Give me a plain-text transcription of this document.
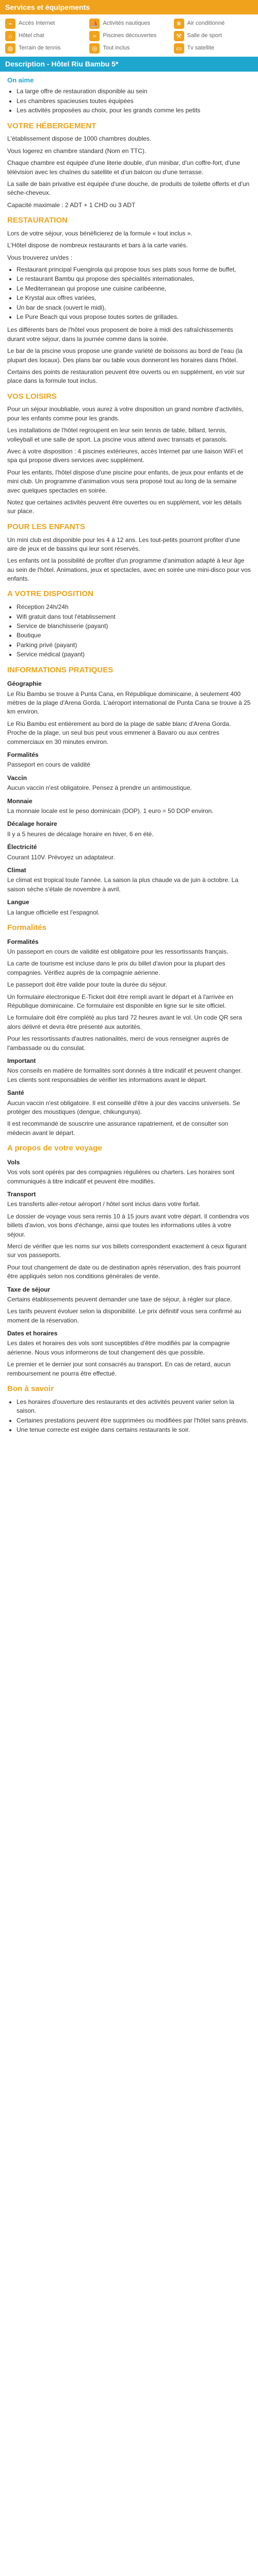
Services et équipements
⌁	Accès Internet	⛵ Activités nautiques	❄ Air conditionné
⌂	Hôtel chat	≈	Piscines découvertes	⚒ Salle de sport
◍ Terrain de tennis	◎ Tout inclus	▭ Tv satellite
Description - Hôtel Riu Bambu 5*
On aime
• La large offre de restauration disponible au sein
• Les chambres spacieuses toutes équipées
• Les activités proposées au choix, pour les grands comme les petits
VOTRE HÉBERGEMENT

L'établissement dispose de 1000 chambres doubles.

Vous logerez en chambre standard (Nom en TTC).

Chaque chambre est équipée d'une literie double, d'un minibar, d'un coffre-fort, d'une télévision avec les chaînes du satellite et d'un balcon ou d'une terrasse.

La salle de bain privative est équipée d'une douche, de produits de toilette offerts et d'un sèche-cheveux.

Capacité maximale : 2 ADT + 1 CHD ou 3 ADT

RESTAURATION

Lors de votre séjour, vous bénéficierez de la formule « tout inclus ».

L'Hôtel dispose de nombreux restaurants et bars à la carte variés.

Vous trouverez un/des :

• Restaurant principal Fuengirola qui propose tous ses plats sous forme de buffet,
• Le restaurant Bambu qui propose des spécialités internationales,
• Le Mediterranean qui propose une cuisine caribéenne,
• Le Krystal aux offres variées,
• Un bar de snack (ouvert le midi),
• Le Pure Beach qui vous propose toutes sortes de grillades.

Les différents bars de l'hôtel vous proposent de boire à midi des rafraîchissements durant votre séjour, dans la journée comme dans la soirée.

Le bar de la piscine vous propose une grande variété de boissons au bord de l'eau (la plupart des locaux). Des plans bar ou table vous donneront les horaires dans l'hôtel.

Certains des points de restauration peuvent être ouverts ou en supplément, en voir sur place dans la formule tout inclus.

VOS LOISIRS

Pour un séjour inoubliable, vous aurez à votre disposition un grand nombre d'activités, pour les enfants comme pour les grands.

Les installations de l'hôtel regroupent en leur sein tennis de table, billard, tennis, volleyball et une salle de sport. La piscine vous attend avec transats et parasols.

Avec à votre disposition : 4 piscines extérieures, accès Internet par une liaison WiFi et spa qui propose divers services avec supplément.

Pour les enfants, l'hôtel dispose d'une piscine pour enfants, de jeux pour enfants et de mini club. Un programme d'animation vous sera proposé tout au long de la semaine avec quelques spectacles en soirée.

Notez que certaines activités peuvent être ouvertes ou en supplément, voir les détails sur place.

POUR LES ENFANTS

Un mini club est disponible pour les 4 à 12 ans. Les tout-petits pourront profiter d'une aire de jeux et de bassins qui leur sont réservés.

Les enfants ont la possibilité de profiter d'un programme d'animation adapté à leur âge au sein de l'hôtel. Animations, jeux et spectacles, avec en soirée une mini-disco pour vos enfants.

A VOTRE DISPOSITION
• Réception 24h/24h
• Wifi gratuit dans tout l'établissement
• Service de blanchisserie (payant)
• Boutique
• Parking privé (payant)
• Service médical (payant)
INFORMATIONS PRATIQUES
Géographie

Le Riu Bambu se trouve à Punta Cana, en République dominicaine, à seulement 400 mètres de la plage d'Arena Gorda. L'aéroport international de Punta Cana se trouve à 25 km environ.

Le Riu Bambu est entièrement au bord de la plage de sable blanc d'Arena Gorda. Proche de la plage, un seul bus peut vous emmener à Bavaro ou aux centres commerciaux en 30 minutes environ.

Formalités

Passeport en cours de validité

Vaccin

Aucun vaccin n'est obligatoire. Pensez à prendre un antimoustique.

Monnaie

La monnaie locale est le peso dominicain (DOP). 1 euro = 50 DOP environ.

Décalage horaire

Il y a 5 heures de décalage horaire en hiver, 6 en été.

Électricité

Courant 110V. Prévoyez un adaptateur.

Climat

Le climat est tropical toute l'année. La saison la plus chaude va de juin à octobre. La saison sèche s'étale de novembre à avril.

Langue

La langue officielle est l'espagnol.

Formalités
Formalités

Un passeport en cours de validité est obligatoire pour les ressortissants français.

La carte de tourisme est incluse dans le prix du billet d'avion pour la plupart des compagnies. Vérifiez auprès de la compagnie aérienne.

Le passeport doit être valide pour toute la durée du séjour.

Un formulaire électronique E-Ticket doit être rempli avant le départ et à l'arrivée en République dominicaine. Ce formulaire est disponible en ligne sur le site officiel.

Le formulaire doit être complété au plus tard 72 heures avant le vol. Un code QR sera alors délivré et devra être présenté aux autorités.

Pour les ressortissants d'autres nationalités, merci de vous renseigner auprès de l'ambassade ou du consulat.

Important

Nos conseils en matière de formalités sont donnés à titre indicatif et peuvent changer. Les clients sont responsables de vérifier les informations avant le départ.

Santé

Aucun vaccin n'est obligatoire. Il est conseillé d'être à jour des vaccins universels. Se protéger des moustiques (dengue, chikungunya).

Il est recommandé de souscrire une assurance rapatriement, et de consulter son médecin avant le départ.

A propos de votre voyage
Vols

Vos vols sont opérés par des compagnies régulières ou charters. Les horaires sont communiqués à titre indicatif et peuvent être modifiés.

Transport

Les transferts aller-retour aéroport / hôtel sont inclus dans votre forfait.

Le dossier de voyage vous sera remis 10 à 15 jours avant votre départ. Il contiendra vos billets d'avion, vos bons d'échange, ainsi que toutes les informations utiles à votre séjour.

Merci de vérifier que les noms sur vos billets correspondent exactement à ceux figurant sur vos passeports.

Pour tout changement de date ou de destination après réservation, des frais pourront être appliqués selon nos conditions générales de vente.

Taxe de séjour

Certains établissements peuvent demander une taxe de séjour, à régler sur place.

Les tarifs peuvent évoluer selon la disponibilité. Le prix définitif vous sera confirmé au moment de la réservation.

Dates et horaires

Les dates et horaires des vols sont susceptibles d'être modifiés par la compagnie aérienne. Nous vous informerons de tout changement dès que possible.

Le premier et le dernier jour sont consacrés au transport. En cas de retard, aucun remboursement ne pourra être effectué.

Bon à savoir
• Les horaires d'ouverture des restaurants et des activités peuvent varier selon la saison.
• Certaines prestations peuvent être supprimées ou modifiées par l'hôtel sans préavis.
• Une tenue correcte est exigée dans certains restaurants le soir.
